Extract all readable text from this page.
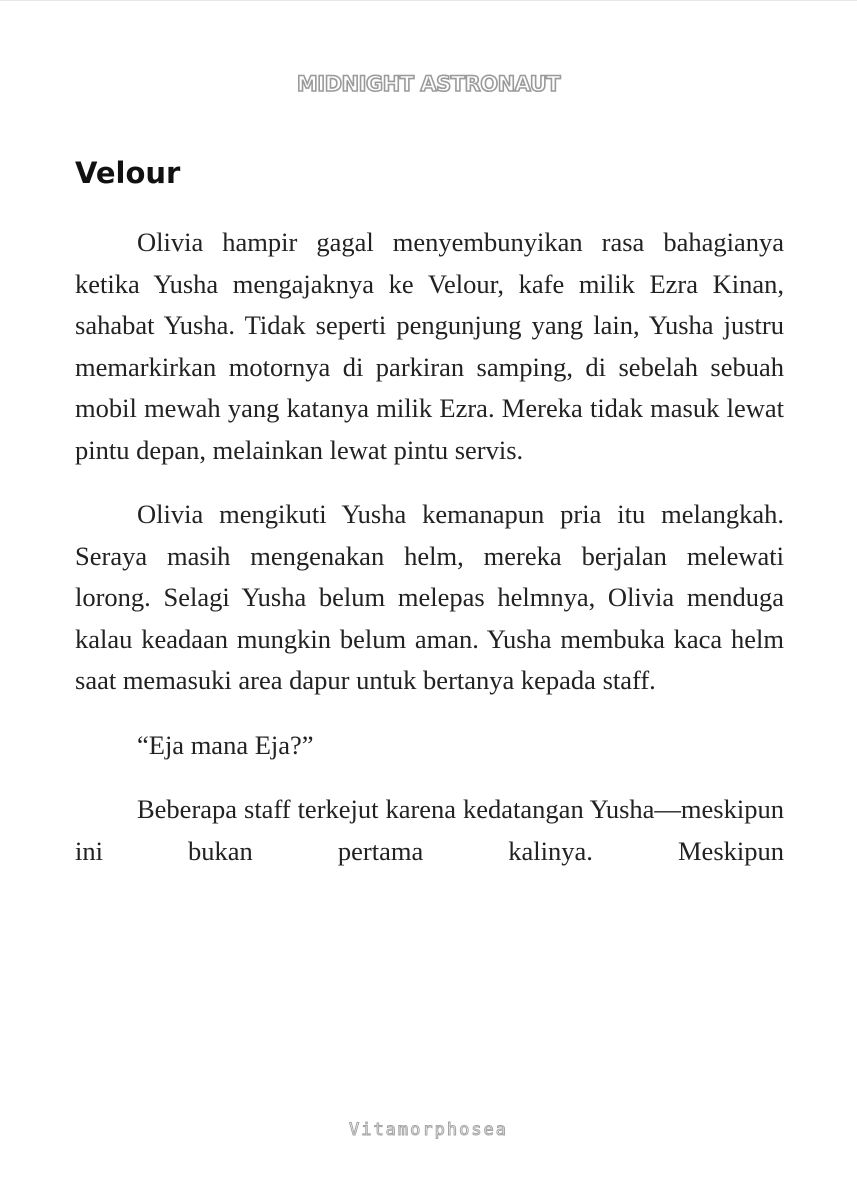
MIDNIGHT ASTRONAUT
Velour

Olivia hampir gagal menyembunyikan rasa bahagianya ketika Yusha mengajaknya ke Velour, kafe milik Ezra Kinan, sahabat Yusha. Tidak seperti pengunjung yang lain, Yusha justru memarkirkan motornya di parkiran samping, di sebelah sebuah mobil mewah yang katanya milik Ezra. Mereka tidak masuk lewat pintu depan, melainkan lewat pintu servis.

Olivia mengikuti Yusha kemanapun pria itu melangkah. Seraya masih mengenakan helm, mereka berjalan melewati lorong. Selagi Yusha belum melepas helmnya, Olivia menduga kalau keadaan mungkin belum aman. Yusha membuka kaca helm saat memasuki area dapur untuk bertanya kepada staff.

“Eja mana Eja?”

Beberapa staff terkejut karena kedatangan Yusha—meskipun ini bukan pertama kalinya. Meskipun

Vitamorphosea
